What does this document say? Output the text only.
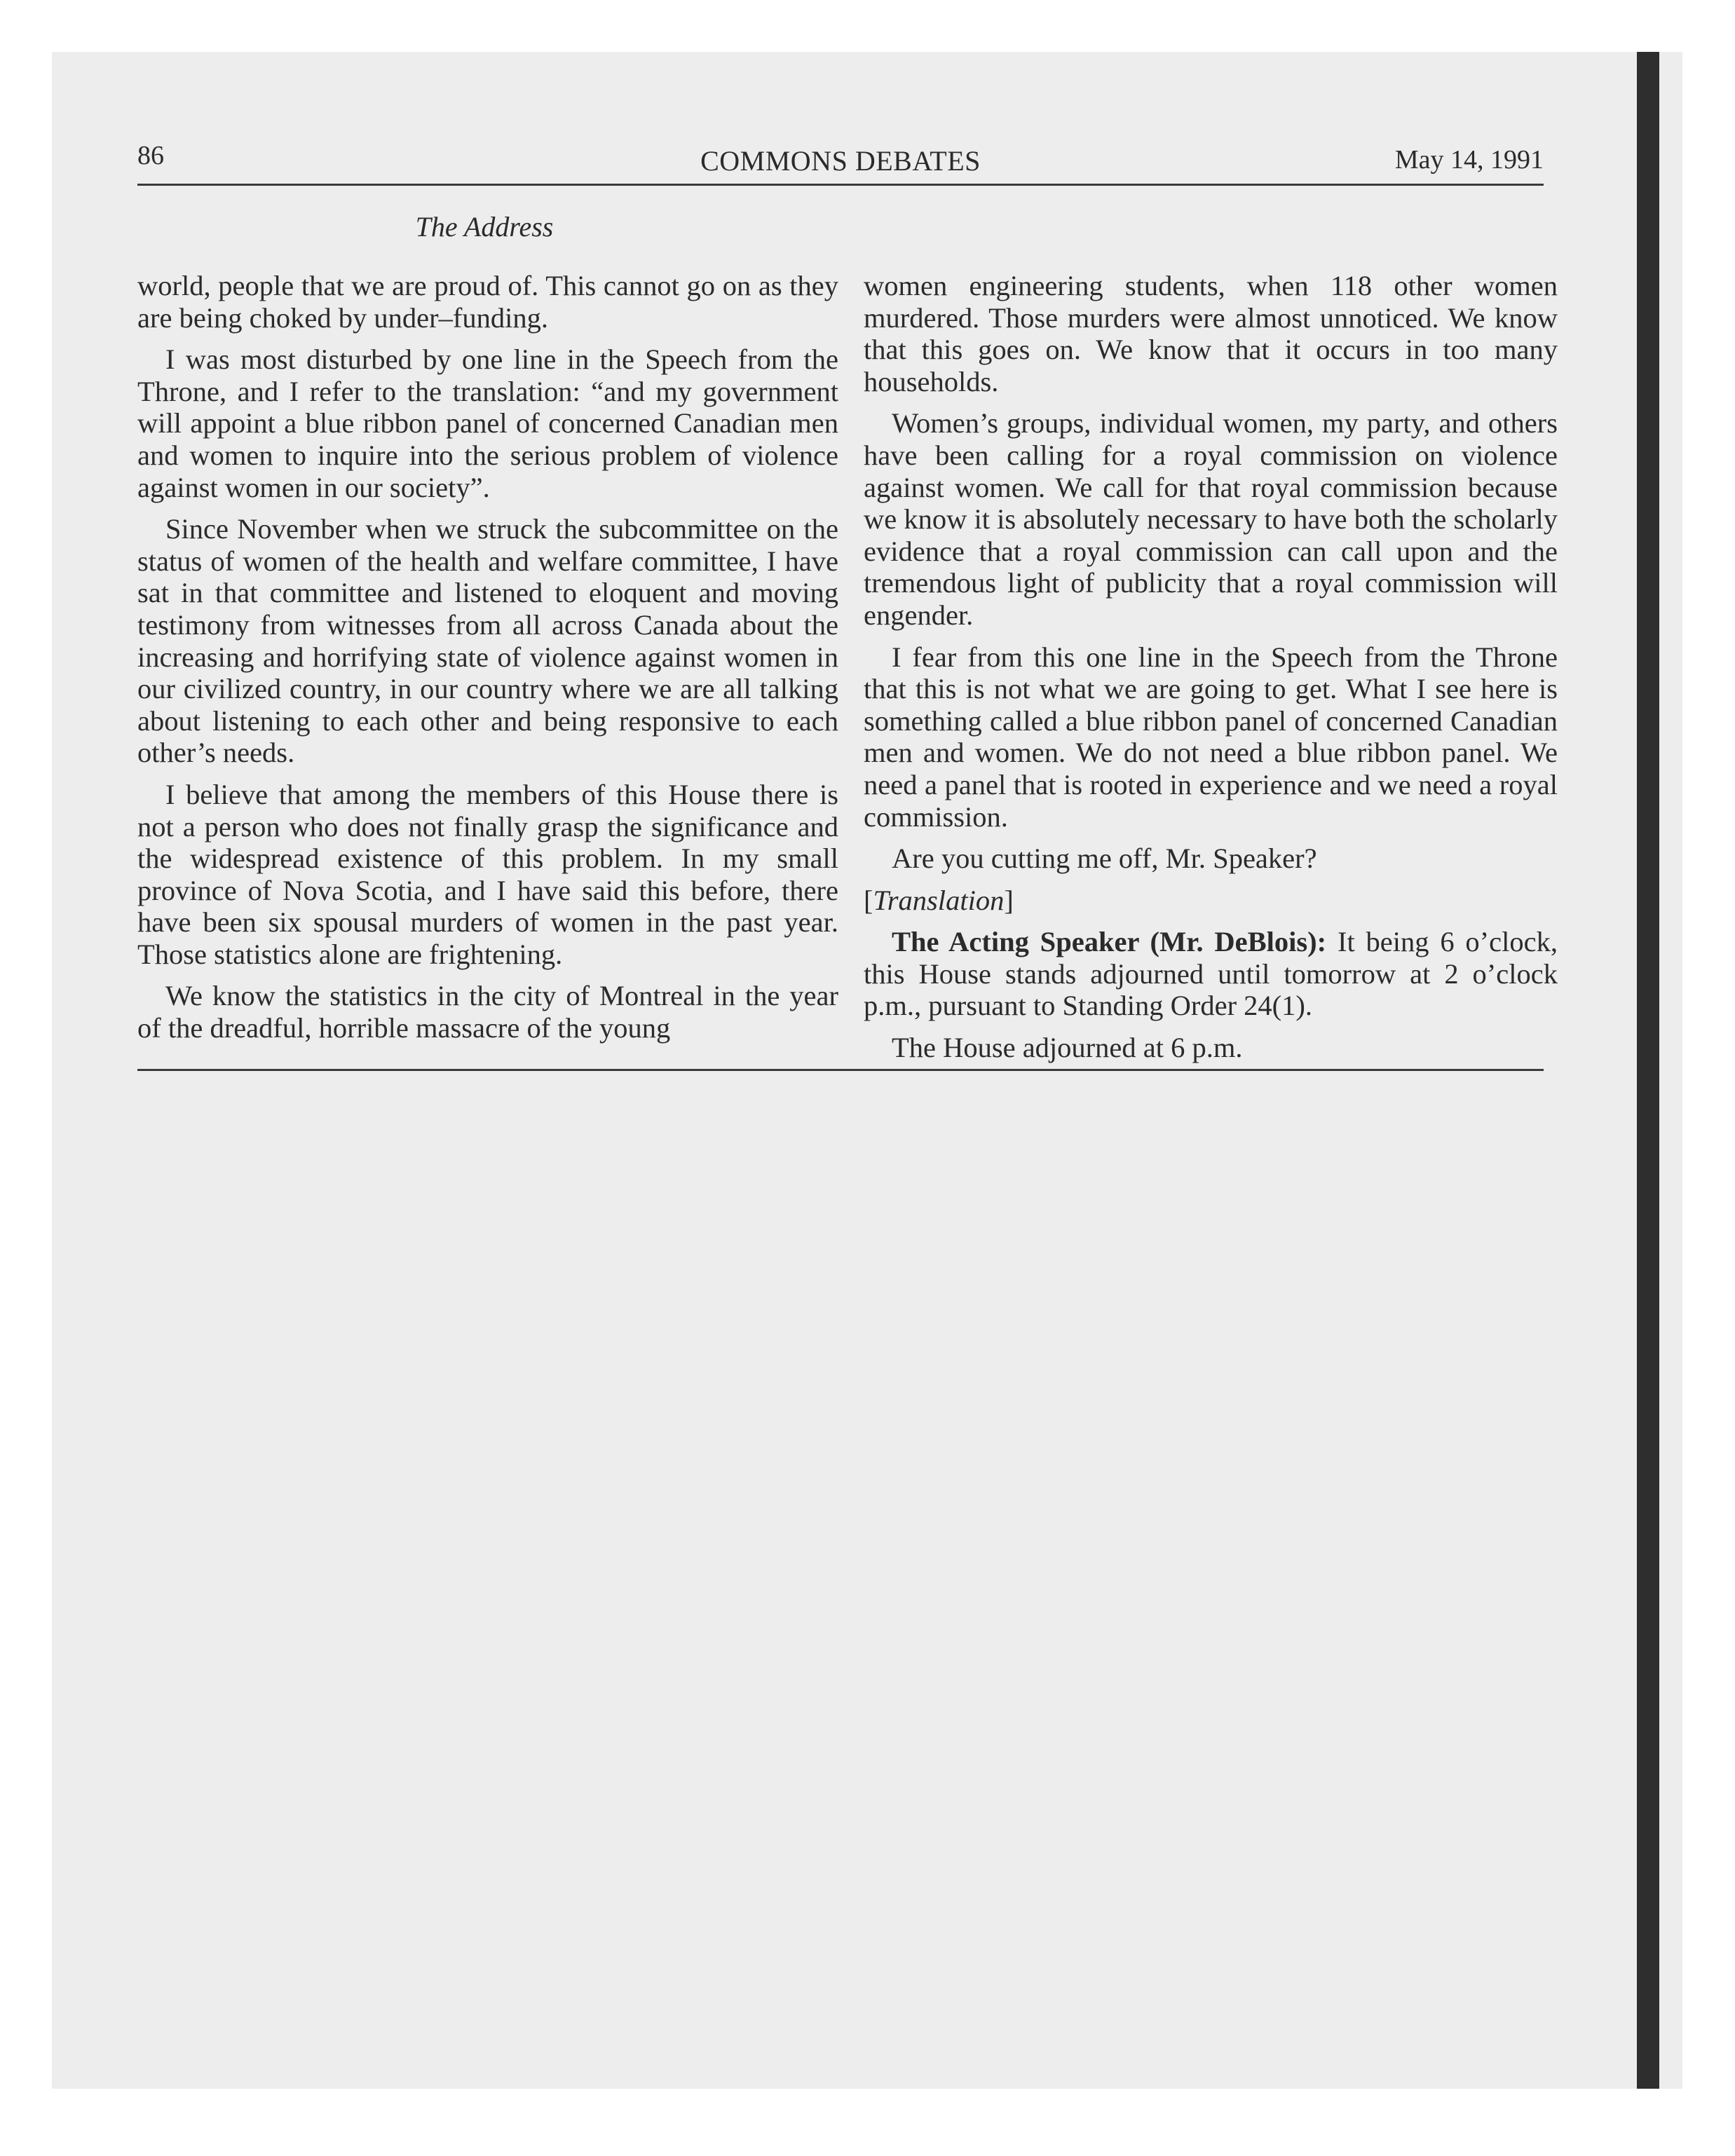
86	COMMONS DEBATES	May 14, 1991
The Address

world, people that we are proud of. This cannot go on as they are being choked by under–funding.

I was most disturbed by one line in the Speech from the Throne, and I refer to the translation: “and my government will appoint a blue ribbon panel of concerned Canadian men and women to inquire into the serious problem of violence against women in our society”.

Since November when we struck the subcommittee on the status of women of the health and welfare committee, I have sat in that committee and listened to eloquent and moving testimony from witnesses from all across Canada about the increasing and horrifying state of violence against women in our civilized country, in our country where we are all talking about listening to each other and being responsive to each other’s needs.

I believe that among the members of this House there is not a person who does not finally grasp the significance and the widespread existence of this problem. In my small province of Nova Scotia, and I have said this before, there have been six spousal murders of women in the past year. Those statistics alone are frightening.

We know the statistics in the city of Montreal in the year of the dreadful, horrible massacre of the young

women engineering students, when 118 other women murdered. Those murders were almost unnoticed. We know that this goes on. We know that it occurs in too many households.

Women’s groups, individual women, my party, and others have been calling for a royal commission on violence against women. We call for that royal commission because we know it is absolutely necessary to have both the scholarly evidence that a royal commission can call upon and the tremendous light of publicity that a royal commission will engender.

I fear from this one line in the Speech from the Throne that this is not what we are going to get. What I see here is something called a blue ribbon panel of concerned Canadian men and women. We do not need a blue ribbon panel. We need a panel that is rooted in experience and we need a royal commission.

Are you cutting me off, Mr. Speaker?

[Translation]

The Acting Speaker (Mr. DeBlois): It being 6 o’clock, this House stands adjourned until tomorrow at 2 o’clock p.m., pursuant to Standing Order 24(1).

The House adjourned at 6 p.m.
